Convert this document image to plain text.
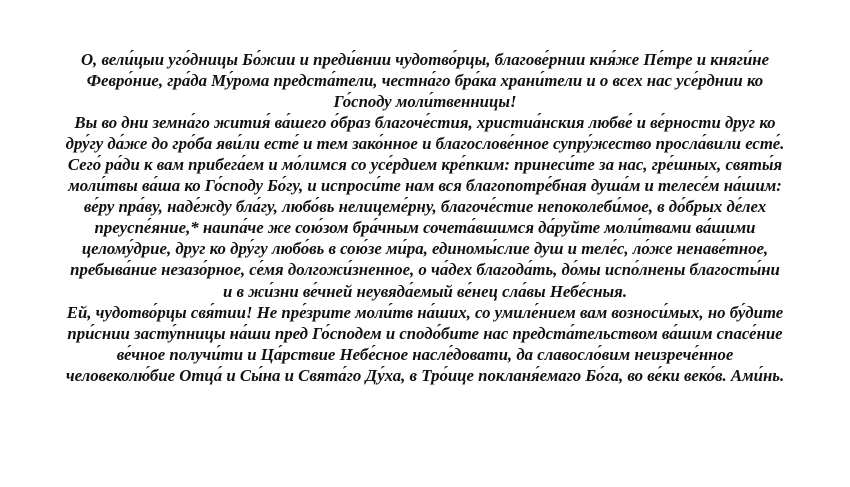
О, вели́цыи уго́дницы Бо́жии и преди́внии чудотво́рцы, благове́рнии кня́же Пе́тре и княги́не Февро́ние, гра́да Му́рома предста́тели, честна́го бра́ка храни́тели и о всех нас усе́рднии ко Го́споду моли́твенницы!
Вы во дни земна́го жития́ ва́шего о́браз благоче́стия, христиа́нския любве́ и ве́рности друг ко дру́гу да́же до гро́ба яви́ли есте́ и тем зако́нное и благослове́нное супру́жество просла́вили есте́.
Сего́ ра́ди к вам прибега́ем и мо́лимся со усе́рдием кре́пким: принеси́те за нас, гре́шных, святы́я моли́твы ва́ша ко Го́споду Бо́гу, и испроси́те нам вся благопотре́бная душа́м и телесе́м на́шим: ве́ру пра́ву, наде́жду бла́гу, любо́вь нелицеме́рну, благоче́стие непоколеби́мое, в до́брых де́лех преуспе́яние,* наипа́че же сою́зом бра́чным сочета́вшимся да́руйте моли́твами ва́шими целому́дрие, друг ко дру́гу любо́вь в сою́зе ми́ра, единомы́слие душ и теле́с, ло́же ненаве́тное, пребыва́ние незазо́рное, се́мя долгожи́зненное, о ча́дех благода́ть, до́мы испо́лнены благосты́ни и в жи́зни ве́чней неувяда́емый ве́нец сла́вы Небе́сныя.
Ей, чудотво́рцы свя́тии! Не пре́зрите моли́тв на́ших, со умиле́нием вам возноси́мых, но бу́дите при́снии засту́пницы на́ши пред Го́сподем и сподо́бите нас предста́тельством ва́шим спасе́ние ве́чное получи́ти и Ца́рствие Небе́сное насле́довати, да славосло́вим неизрече́нное человеколю́бие Отца́ и Сы́на и Свята́го Ду́ха, в Тро́ице покланя́емаго Бо́га, во ве́ки веко́в. Ами́нь.
